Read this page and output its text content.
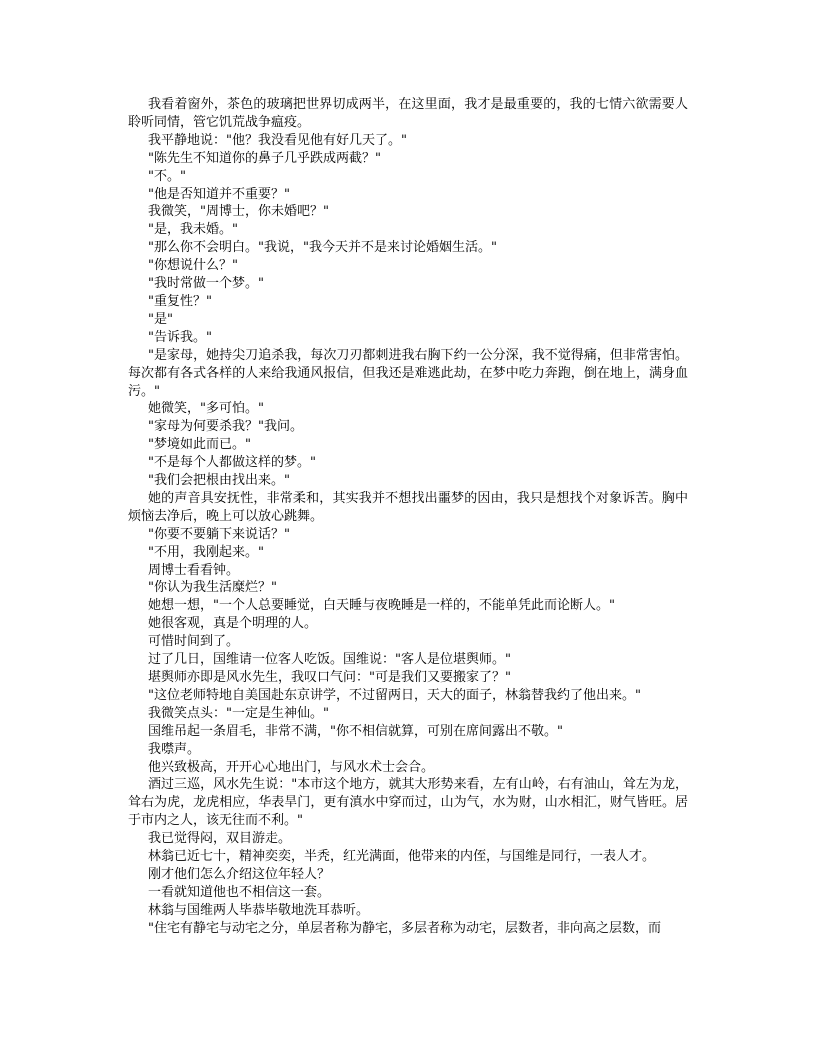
我看着窗外，茶色的玻璃把世界切成两半，在这里面，我才是最重要的，我的七情六欲需要人聆听同情，管它饥荒战争瘟疫。

我平静地说："他？我没看见他有好几天了。"

"陈先生不知道你的鼻子几乎跌成两截？"

"不。"

"他是否知道并不重要？"

我微笑，"周博士，你未婚吧？"

"是，我未婚。"

"那么你不会明白。"我说，"我今天并不是来讨论婚姻生活。"

"你想说什么？"

"我时常做一个梦。"

"重复性？"

"是"

"告诉我。"

"是家母，她持尖刀追杀我，每次刀刃都刺进我右胸下约一公分深，我不觉得痛，但非常害怕。每次都有各式各样的人来给我通风报信，但我还是难逃此劫，在梦中吃力奔跑，倒在地上，满身血污。"

她微笑，"多可怕。"

"家母为何要杀我？"我问。

"梦境如此而已。"

"不是每个人都做这样的梦。"

"我们会把根由找出来。"

她的声音具安抚性，非常柔和，其实我并不想找出噩梦的因由，我只是想找个对象诉苦。胸中烦恼去净后，晚上可以放心跳舞。

"你要不要躺下来说话？"

"不用，我刚起来。"

周博士看看钟。

"你认为我生活糜烂？"

她想一想，"一个人总要睡觉，白天睡与夜晚睡是一样的，不能单凭此而论断人。"

她很客观，真是个明理的人。

可惜时间到了。

过了几日，国维请一位客人吃饭。国维说："客人是位堪舆师。"

堪舆师亦即是风水先生，我叹口气问："可是我们又要搬家了？"

"这位老师特地自美国赴东京讲学，不过留两日，天大的面子，林翁替我约了他出来。"

我微笑点头："一定是生神仙。"

国维吊起一条眉毛，非常不满，"你不相信就算，可别在席间露出不敬。"

我噤声。

他兴致极高，开开心心地出门，与风水术士会合。

酒过三巡，风水先生说："本市这个地方，就其大形势来看，左有山岭，右有油山，耸左为龙，耸右为虎，龙虎相应，华表旱门，更有滇水中穿而过，山为气，水为财，山水相汇，财气皆旺。居于市内之人，该无往而不利。"

我已觉得闷，双目游走。

林翁已近七十，精神奕奕，半秃，红光满面，他带来的内侄，与国维是同行，一表人才。

刚才他们怎么介绍这位年轻人？

一看就知道他也不相信这一套。

林翁与国维两人毕恭毕敬地洗耳恭听。

"住宅有静宅与动宅之分，单层者称为静宅，多层者称为动宅，层数者，非向高之层数，而
